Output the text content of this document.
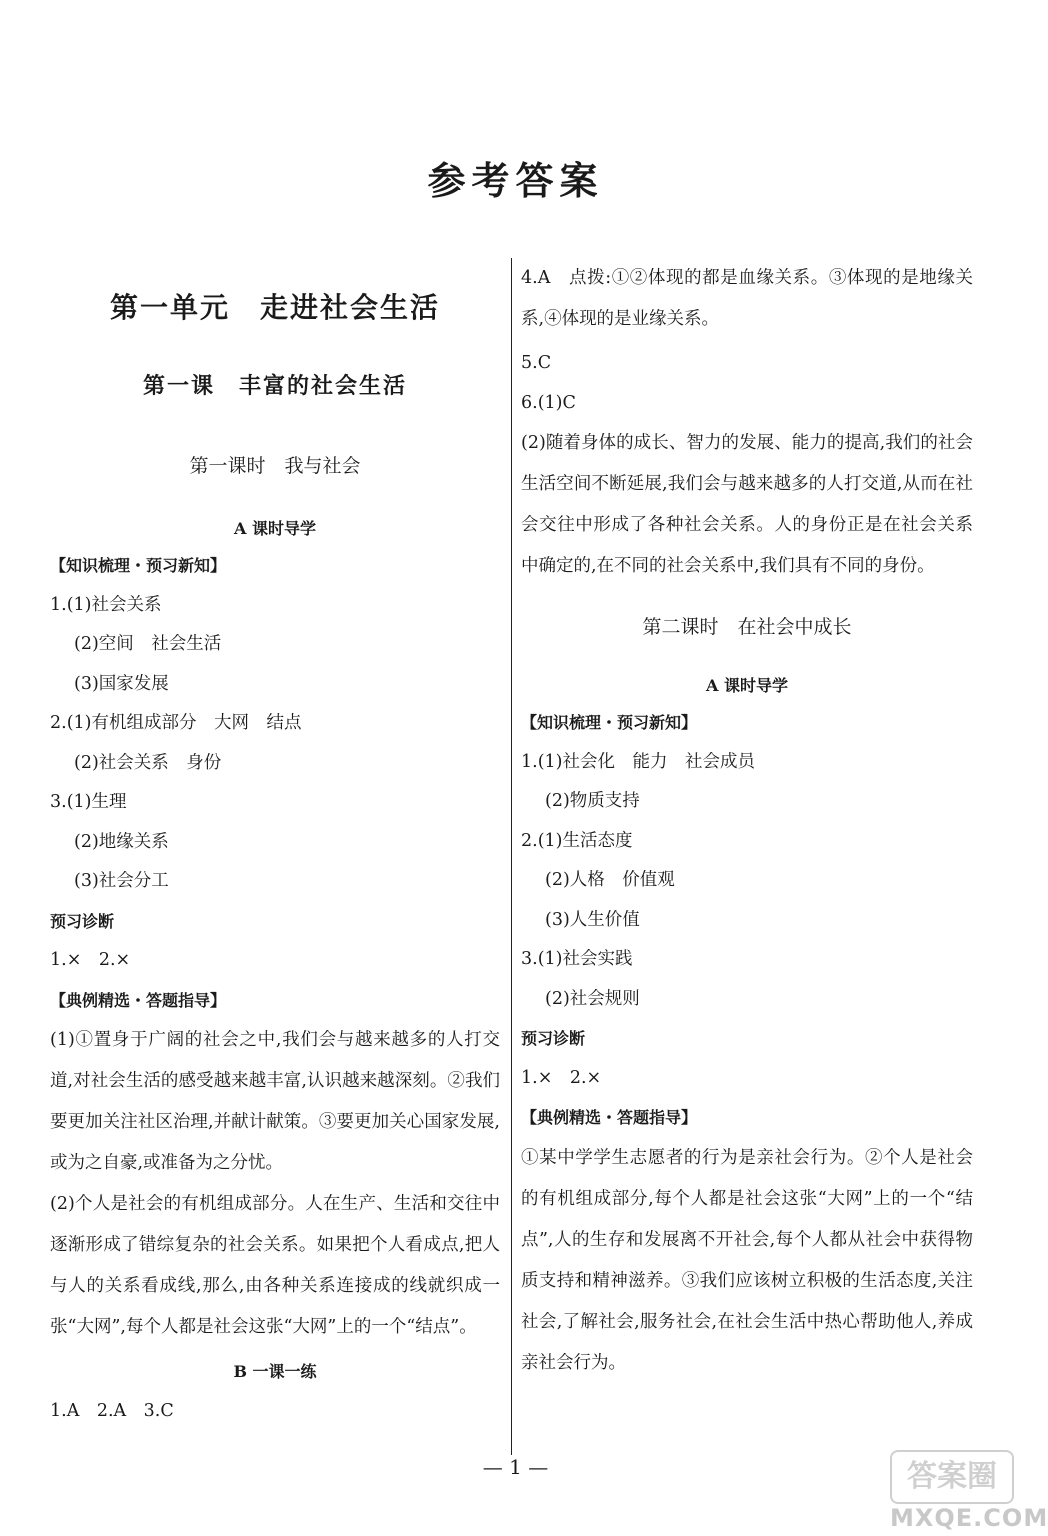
参考答案
第一单元　走进社会生活
第一课　丰富的社会生活
第一课时　我与社会
A 课时导学
【知识梳理・预习新知】
1.(1)社会关系
(2)空间　社会生活
(3)国家发展
2.(1)有机组成部分　大网　结点
(2)社会关系　身份
3.(1)生理
(2)地缘关系
(3)社会分工
预习诊断
1.×　2.×
【典例精选・答题指导】
(1)①置身于广阔的社会之中,我们会与越来越多的人打交道,对社会生活的感受越来越丰富,认识越来越深刻。②我们要更加关注社区治理,并献计献策。③要更加关心国家发展,或为之自豪,或准备为之分忧。
(2)个人是社会的有机组成部分。人在生产、生活和交往中逐渐形成了错综复杂的社会关系。如果把个人看成点,把人与人的关系看成线,那么,由各种关系连接成的线就织成一张“大网”,每个人都是社会这张“大网”上的一个“结点”。
B 一课一练
1.A　2.A　3.C
4.A　点拨:①②体现的都是血缘关系。③体现的是地缘关系,④体现的是业缘关系。
5.C
6.(1)C
(2)随着身体的成长、智力的发展、能力的提高,我们的社会生活空间不断延展,我们会与越来越多的人打交道,从而在社会交往中形成了各种社会关系。人的身份正是在社会关系中确定的,在不同的社会关系中,我们具有不同的身份。
第二课时　在社会中成长
A 课时导学
【知识梳理・预习新知】
1.(1)社会化　能力　社会成员
(2)物质支持
2.(1)生活态度
(2)人格　价值观
(3)人生价值
3.(1)社会实践
(2)社会规则
预习诊断
1.×　2.×
【典例精选・答题指导】
①某中学学生志愿者的行为是亲社会行为。②个人是社会的有机组成部分,每个人都是社会这张“大网”上的一个“结点”,人的生存和发展离不开社会,每个人都从社会中获得物质支持和精神滋养。③我们应该树立积极的生活态度,关注社会,了解社会,服务社会,在社会生活中热心帮助他人,养成亲社会行为。
— 1 —	答案圈
MXQE.COM
